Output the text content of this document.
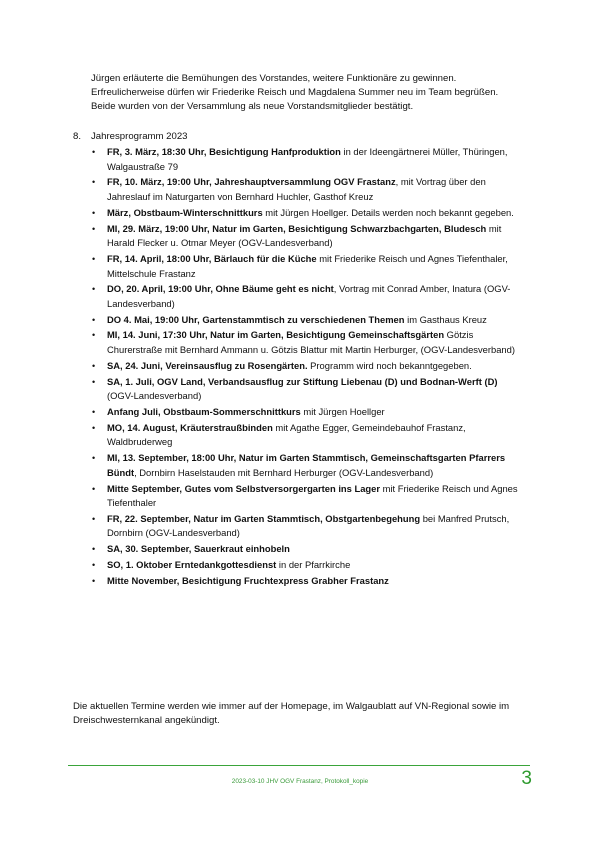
Jürgen erläuterte die Bemühungen des Vorstandes, weitere Funktionäre zu gewinnen. Erfreulicherweise dürfen wir Friederike Reisch und Magdalena Summer neu im Team begrüßen. Beide wurden von der Versammlung als neue Vorstandsmitglieder bestätigt.

8. Jahresprogramm 2023
• FR, 3. März, 18:30 Uhr, Besichtigung Hanfproduktion in der Ideengärtnerei Müller, Thüringen, Walgaustraße 79
• FR, 10. März, 19:00 Uhr, Jahreshauptversammlung OGV Frastanz, mit Vortrag über den Jahreslauf im Naturgarten von Bernhard Huchler, Gasthof Kreuz
• März, Obstbaum-Winterschnittkurs mit Jürgen Hoellger. Details werden noch bekannt gegeben.
• MI, 29. März, 19:00 Uhr, Natur im Garten, Besichtigung Schwarzbachgarten, Bludesch mit Harald Flecker u. Otmar Meyer (OGV-Landesverband)
• FR, 14. April, 18:00 Uhr, Bärlauch für die Küche mit Friederike Reisch und Agnes Tiefenthaler, Mittelschule Frastanz
• DO, 20. April, 19:00 Uhr, Ohne Bäume geht es nicht, Vortrag mit Conrad Amber, Inatura (OGV-Landesverband)
• DO 4. Mai, 19:00 Uhr, Gartenstammtisch zu verschiedenen Themen im Gasthaus Kreuz
• MI, 14. Juni, 17:30 Uhr, Natur im Garten, Besichtigung Gemeinschaftsgärten Götzis Churerstraße mit Bernhard Ammann u. Götzis Blattur mit Martin Herburger, (OGV-Landesverband)
• SA, 24. Juni, Vereinsausflug zu Rosengärten. Programm wird noch bekanntgegeben.
• SA, 1. Juli, OGV Land, Verbandsausflug zur Stiftung Liebenau (D) und Bodnan-Werft (D) (OGV-Landesverband)
• Anfang Juli, Obstbaum-Sommerschnittkurs mit Jürgen Hoellger
• MO, 14. August, Kräuterstraußbinden mit Agathe Egger, Gemeindebauhof Frastanz, Waldbruderweg
• MI, 13. September, 18:00 Uhr, Natur im Garten Stammtisch, Gemeinschaftsgarten Pfarrers Bündt, Dornbirn Haselstauden mit Bernhard Herburger (OGV-Landesverband)
• Mitte September, Gutes vom Selbstversorgergarten ins Lager mit Friederike Reisch und Agnes Tiefenthaler
• FR, 22. September, Natur im Garten Stammtisch, Obstgartenbegehung bei Manfred Prutsch, Dornbirn (OGV-Landesverband)
• SA, 30. September, Sauerkraut einhobeln
• SO, 1. Oktober Erntedankgottesdienst in der Pfarrkirche
• Mitte November, Besichtigung Fruchtexpress Grabher Frastanz

Die aktuellen Termine werden wie immer auf der Homepage, im Walgaublatt auf VN-Regional sowie im Dreischwesternkanal angekündigt.

2023-03-10 JHV OGV Frastanz, Protokoll_kopie	3
